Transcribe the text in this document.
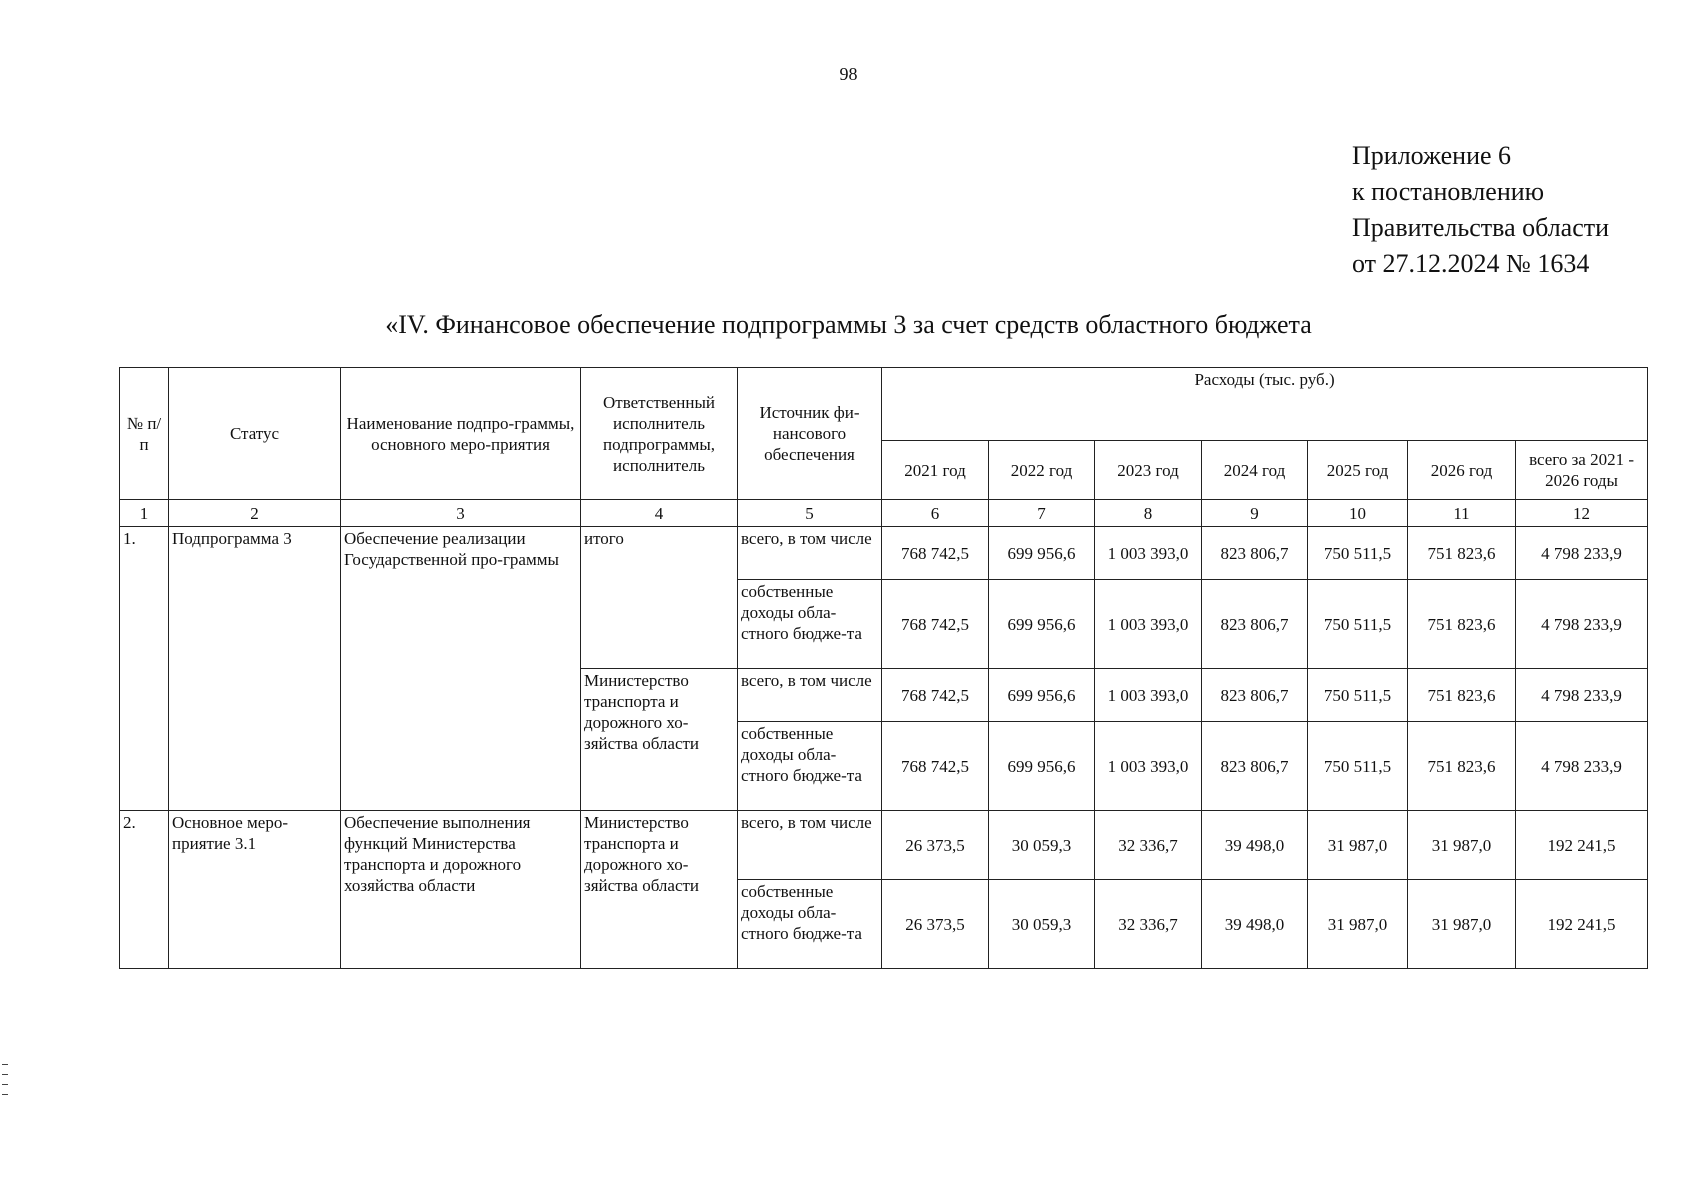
98
Приложение 6
к постановлению
Правительства области
от 27.12.2024 № 1634
«IV. Финансовое обеспечение подпрограммы 3 за счет средств областного бюджета
№ п/п	Статус	Наименование подпро-граммы, основного меро-приятия	Ответственный исполнитель подпрограммы, исполнитель	Источник фи-нансового обеспечения	Расходы (тыс. руб.)						
					2021 год	2022 год	2023 год	2024 год	2025 год	2026 год	всего за 2021 - 2026 годы
1	2	3	4	5	6	7	8	9	10	11	12
1.	Подпрограмма 3	Обеспечение реализации Государственной про-граммы	итого	всего, в том числе	768 742,5	699 956,6	1 003 393,0	823 806,7	750 511,5	751 823,6	4 798 233,9
				собственные доходы обла-стного бюдже-та	768 742,5	699 956,6	1 003 393,0	823 806,7	750 511,5	751 823,6	4 798 233,9
			Министерство транспорта и дорожного хо-зяйства области	всего, в том числе	768 742,5	699 956,6	1 003 393,0	823 806,7	750 511,5	751 823,6	4 798 233,9
				собственные доходы обла-стного бюдже-та	768 742,5	699 956,6	1 003 393,0	823 806,7	750 511,5	751 823,6	4 798 233,9
2.	Основное меро-приятие 3.1	Обеспечение выполнения функций Министерства транспорта и дорожного хозяйства области	Министерство транспорта и дорожного хо-зяйства области	всего, в том числе	26 373,5	30 059,3	32 336,7	39 498,0	31 987,0	31 987,0	192 241,5
				собственные доходы обла-стного бюдже-та	26 373,5	30 059,3	32 336,7	39 498,0	31 987,0	31 987,0	192 241,5
